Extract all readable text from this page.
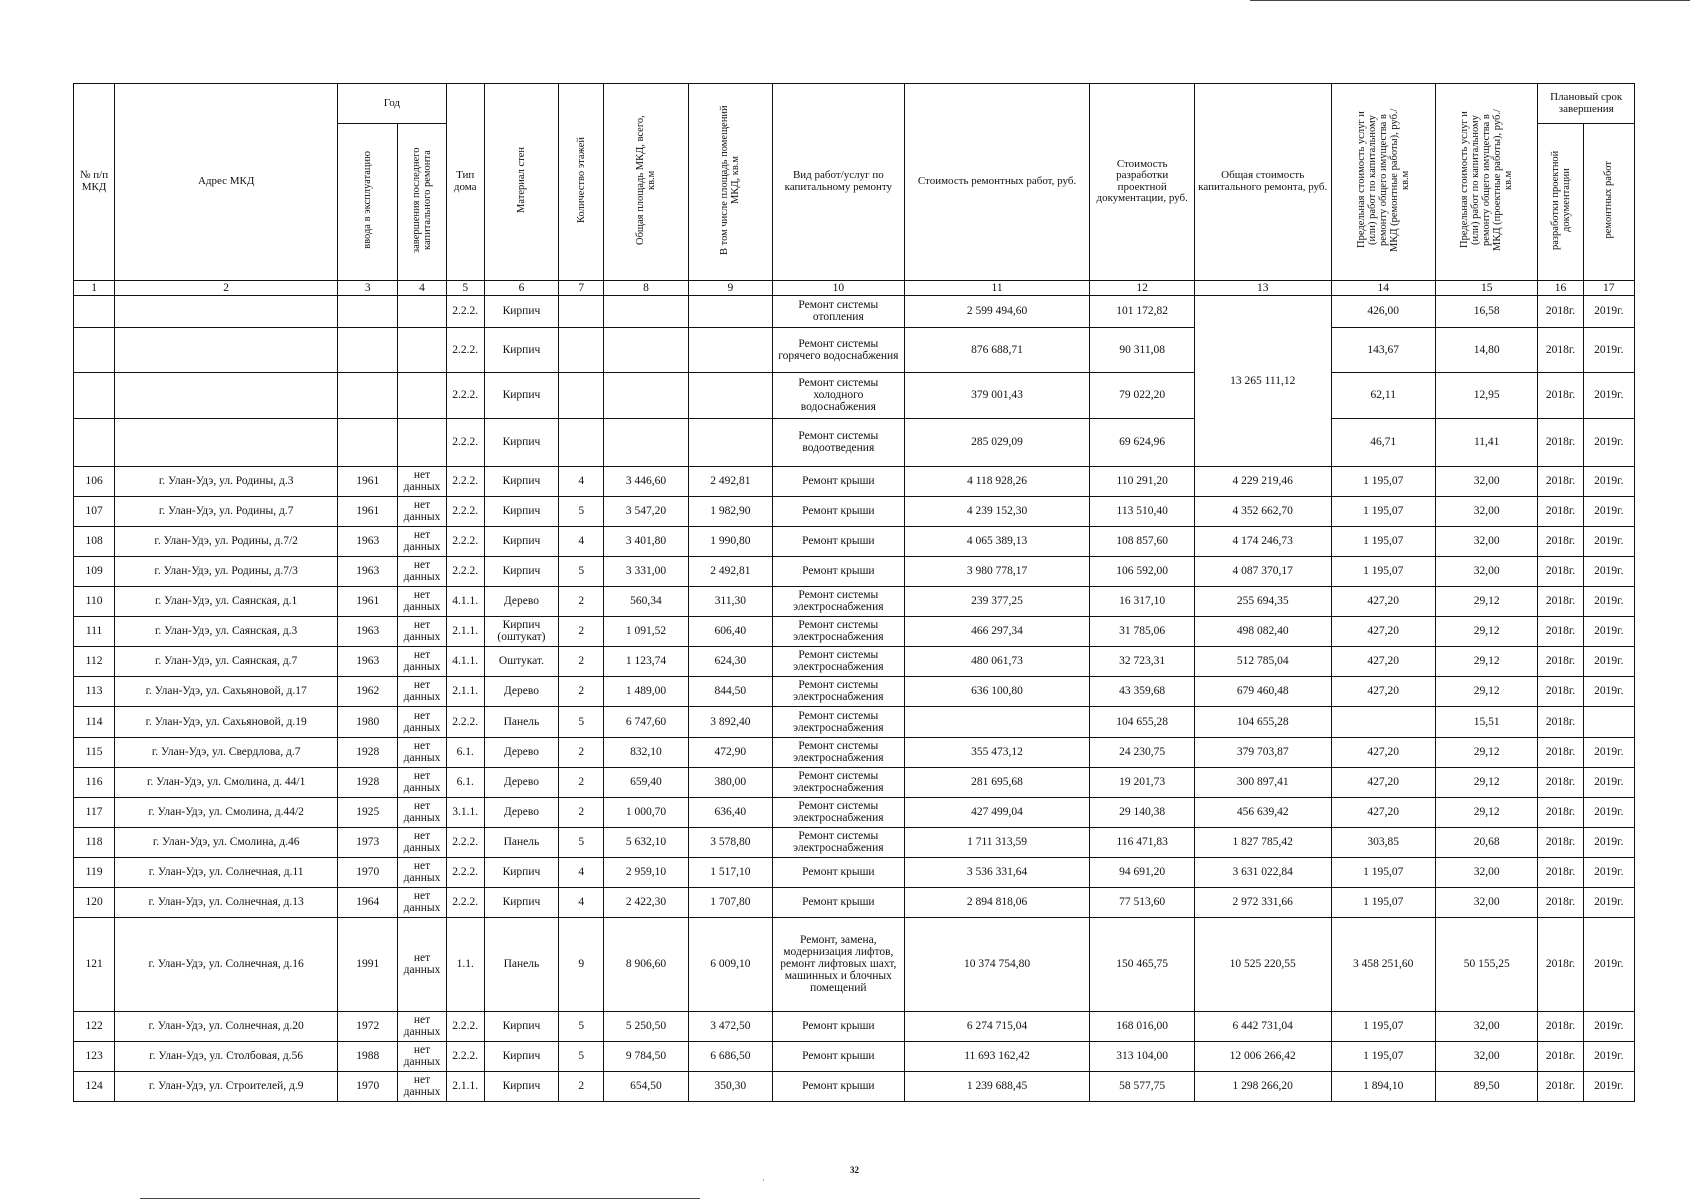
№ п/п МКД	Адрес МКД	Год		Тип дома	Материал стен	Количество этажей	Общая площадь МКД, всего, кв.м	В том числе площадь помещений МКД, кв.м	Вид работ/услуг по капитальному ремонту	Стоимость ремонтных работ, руб.	Стоимость разработки проектной документации, руб.	Общая стоимость капитального ремонта, руб.	Предельная стоимость услуг и (или) работ по капитальному ремонту общего имущества в МКД (ремонтные работы), руб./кв.м	Предельная стоимость услуг и (или) работ по капитальному ремонту общего имущества в МКД (проектные работы), руб./кв.м	Плановый срок завершения	
		ввода в эксплуатацию	завершения последнего капитального ремонта												разработки проектной документации	ремонтных работ
1	2	3	4	5	6	7	8	9	10	11	12	13	14	15	16	17
				2.2.2.	Кирпич				Ремонт системы отопления	2 599 494,60	101 172,82	13 265 111,12	426,00	16,58	2018г.	2019г.
				2.2.2.	Кирпич				Ремонт системы горячего водоснабжения	876 688,71	90 311,08		143,67	14,80	2018г.	2019г.
				2.2.2.	Кирпич				Ремонт системы холодного водоснабжения	379 001,43	79 022,20		62,11	12,95	2018г.	2019г.
				2.2.2.	Кирпич				Ремонт системы водоотведения	285 029,09	69 624,96		46,71	11,41	2018г.	2019г.
106	г. Улан-Удэ, ул. Родины, д.3	1961	нет данных	2.2.2.	Кирпич	4	3 446,60	2 492,81	Ремонт крыши	4 118 928,26	110 291,20	4 229 219,46	1 195,07	32,00	2018г.	2019г.
107	г. Улан-Удэ, ул. Родины, д.7	1961	нет данных	2.2.2.	Кирпич	5	3 547,20	1 982,90	Ремонт крыши	4 239 152,30	113 510,40	4 352 662,70	1 195,07	32,00	2018г.	2019г.
108	г. Улан-Удэ, ул. Родины, д.7/2	1963	нет данных	2.2.2.	Кирпич	4	3 401,80	1 990,80	Ремонт крыши	4 065 389,13	108 857,60	4 174 246,73	1 195,07	32,00	2018г.	2019г.
109	г. Улан-Удэ, ул. Родины, д.7/3	1963	нет данных	2.2.2.	Кирпич	5	3 331,00	2 492,81	Ремонт крыши	3 980 778,17	106 592,00	4 087 370,17	1 195,07	32,00	2018г.	2019г.
110	г. Улан-Удэ, ул. Саянская, д.1	1961	нет данных	4.1.1.	Дерево	2	560,34	311,30	Ремонт системы электроснабжения	239 377,25	16 317,10	255 694,35	427,20	29,12	2018г.	2019г.
111	г. Улан-Удэ, ул. Саянская, д.3	1963	нет данных	2.1.1.	Кирпич (оштукат)	2	1 091,52	606,40	Ремонт системы электроснабжения	466 297,34	31 785,06	498 082,40	427,20	29,12	2018г.	2019г.
112	г. Улан-Удэ, ул. Саянская, д.7	1963	нет данных	4.1.1.	Оштукат.	2	1 123,74	624,30	Ремонт системы электроснабжения	480 061,73	32 723,31	512 785,04	427,20	29,12	2018г.	2019г.
113	г. Улан-Удэ, ул. Сахьяновой, д.17	1962	нет данных	2.1.1.	Дерево	2	1 489,00	844,50	Ремонт системы электроснабжения	636 100,80	43 359,68	679 460,48	427,20	29,12	2018г.	2019г.
114	г. Улан-Удэ, ул. Сахьяновой, д.19	1980	нет данных	2.2.2.	Панель	5	6 747,60	3 892,40	Ремонт системы электроснабжения		104 655,28	104 655,28		15,51	2018г.	
115	г. Улан-Удэ, ул. Свердлова, д.7	1928	нет данных	6.1.	Дерево	2	832,10	472,90	Ремонт системы электроснабжения	355 473,12	24 230,75	379 703,87	427,20	29,12	2018г.	2019г.
116	г. Улан-Удэ, ул. Смолина, д. 44/1	1928	нет данных	6.1.	Дерево	2	659,40	380,00	Ремонт системы электроснабжения	281 695,68	19 201,73	300 897,41	427,20	29,12	2018г.	2019г.
117	г. Улан-Удэ, ул. Смолина, д.44/2	1925	нет данных	3.1.1.	Дерево	2	1 000,70	636,40	Ремонт системы электроснабжения	427 499,04	29 140,38	456 639,42	427,20	29,12	2018г.	2019г.
118	г. Улан-Удэ, ул. Смолина, д.46	1973	нет данных	2.2.2.	Панель	5	5 632,10	3 578,80	Ремонт системы электроснабжения	1 711 313,59	116 471,83	1 827 785,42	303,85	20,68	2018г.	2019г.
119	г. Улан-Удэ, ул. Солнечная, д.11	1970	нет данных	2.2.2.	Кирпич	4	2 959,10	1 517,10	Ремонт крыши	3 536 331,64	94 691,20	3 631 022,84	1 195,07	32,00	2018г.	2019г.
120	г. Улан-Удэ, ул. Солнечная, д.13	1964	нет данных	2.2.2.	Кирпич	4	2 422,30	1 707,80	Ремонт крыши	2 894 818,06	77 513,60	2 972 331,66	1 195,07	32,00	2018г.	2019г.
121	г. Улан-Удэ, ул. Солнечная, д.16	1991	нет данных	1.1.	Панель	9	8 906,60	6 009,10	Ремонт, замена, модернизация лифтов, ремонт лифтовых шахт, машинных и блочных помещений	10 374 754,80	150 465,75	10 525 220,55	3 458 251,60	50 155,25	2018г.	2019г.
122	г. Улан-Удэ, ул. Солнечная, д.20	1972	нет данных	2.2.2.	Кирпич	5	5 250,50	3 472,50	Ремонт крыши	6 274 715,04	168 016,00	6 442 731,04	1 195,07	32,00	2018г.	2019г.
123	г. Улан-Удэ, ул. Столбовая, д.56	1988	нет данных	2.2.2.	Кирпич	5	9 784,50	6 686,50	Ремонт крыши	11 693 162,42	313 104,00	12 006 266,42	1 195,07	32,00	2018г.	2019г.
124	г. Улан-Удэ, ул. Строителей, д.9	1970	нет данных	2.1.1.	Кирпич	2	654,50	350,30	Ремонт крыши	1 239 688,45	58 577,75	1 298 266,20	1 894,10	89,50	2018г.	2019г.
·
32
